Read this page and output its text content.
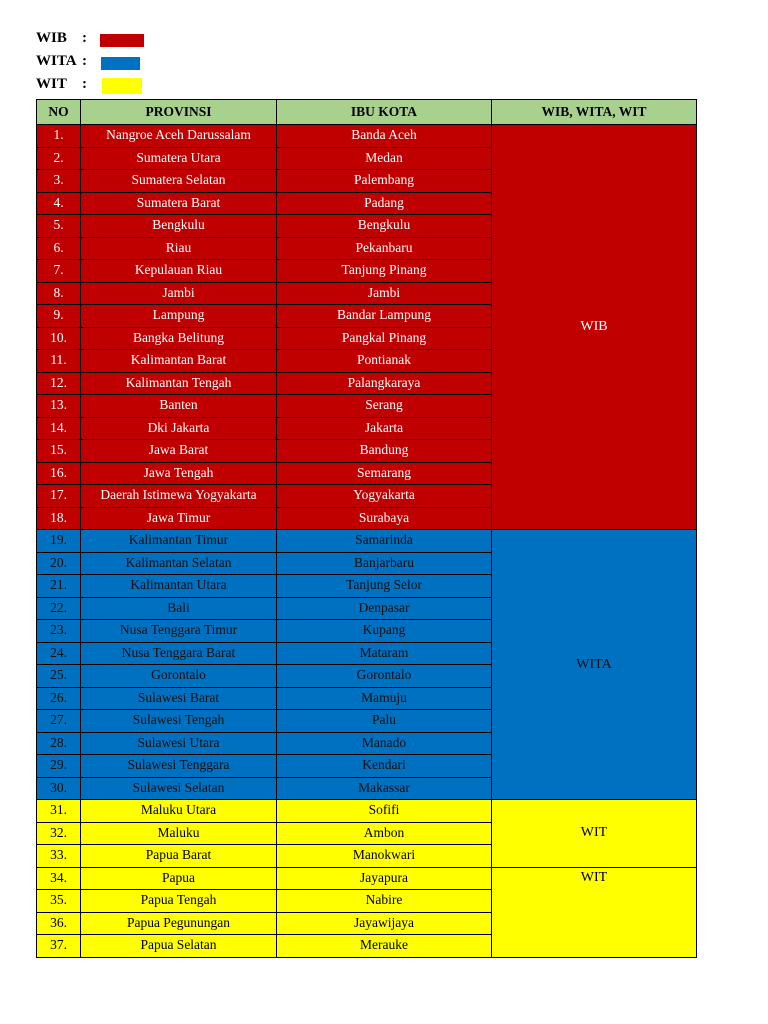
WIB :
WITA :
WIT :
NO	PROVINSI	IBU KOTA	WIB, WITA, WIT
1.	Nangroe Aceh Darussalam	Banda Aceh	WIB
2.	Sumatera Utara	Medan	
3.	Sumatera Selatan	Palembang	
4.	Sumatera Barat	Padang	
5.	Bengkulu	Bengkulu	
6.	Riau	Pekanbaru	
7.	Kepulauan Riau	Tanjung Pinang	
8.	Jambi	Jambi	
9.	Lampung	Bandar Lampung	
10.	Bangka Belitung	Pangkal Pinang	
11.	Kalimantan Barat	Pontianak	
12.	Kalimantan Tengah	Palangkaraya	
13.	Banten	Serang	
14.	Dki Jakarta	Jakarta	
15.	Jawa Barat	Bandung	
16.	Jawa Tengah	Semarang	
17.	Daerah Istimewa Yogyakarta	Yogyakarta	
18.	Jawa Timur	Surabaya	
19.	Kalimantan Timur	Samarinda	WITA
20.	Kalimantan Selatan	Banjarbaru	
21.	Kalimantan Utara	Tanjung Selor	
22.	Bali	Denpasar	
23.	Nusa Tenggara Timur	Kupang	
24.	Nusa Tenggara Barat	Mataram	
25.	Gorontalo	Gorontalo	
26.	Sulawesi Barat	Mamuju	
27.	Sulawesi Tengah	Palu	
28.	Sulawesi Utara	Manado	
29.	Sulawesi Tenggara	Kendari	
30.	Sulawesi Selatan	Makassar	
31.	Maluku Utara	Sofifi	WIT
32.	Maluku	Ambon	
33.	Papua Barat	Manokwari	
34.	Papua	Jayapura	WIT
35.	Papua Tengah	Nabire	
36.	Papua Pegunungan	Jayawijaya	
37.	Papua Selatan	Merauke	
